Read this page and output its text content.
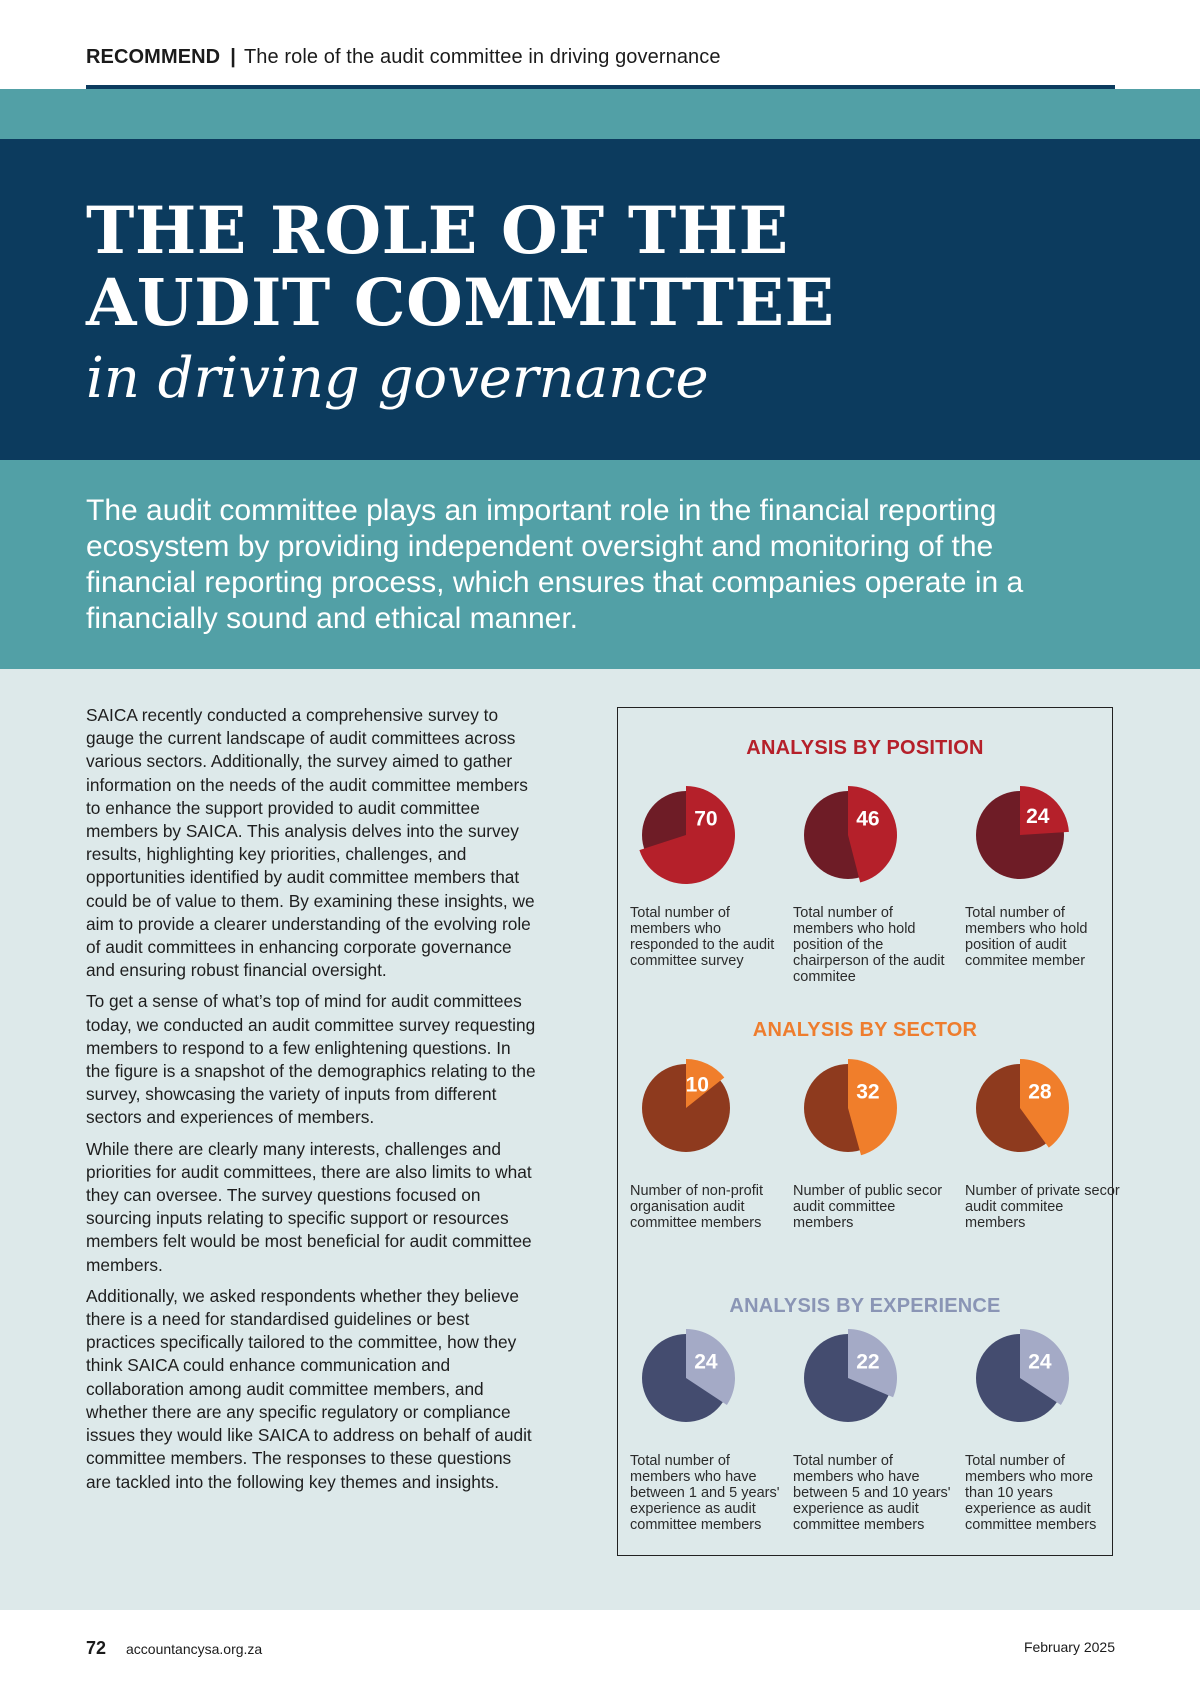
RECOMMEND | The role of the audit committee in driving governance
THE ROLE OF THE
AUDIT COMMITTEE
in driving governance

The audit committee plays an important role in the financial reporting ecosystem by providing independent oversight and monitoring of the financial reporting process, which ensures that companies operate in a financially sound and ethical manner.

SAICA recently conducted a comprehensive survey to gauge the current landscape of audit committees across various sectors. Additionally, the survey aimed to gather information on the needs of the audit committee members to enhance the support provided to audit committee members by SAICA. This analysis delves into the survey results, highlighting key priorities, challenges, and opportunities identified by audit committee members that could be of value to them. By examining these insights, we aim to provide a clearer understanding of the evolving role of audit committees in enhancing corporate governance and ensuring robust financial oversight.

To get a sense of what’s top of mind for audit committees today, we conducted an audit committee survey requesting members to respond to a few enlightening questions. In the figure is a snapshot of the demographics relating to the survey, showcasing the variety of inputs from different sectors and experiences of members.

While there are clearly many interests, challenges and priorities for audit committees, there are also limits to what they can oversee. The survey questions focused on sourcing inputs relating to specific support or resources members felt would be most beneficial for audit committee members.

Additionally, we asked respondents whether they believe there is a need for standardised guidelines or best practices specifically tailored to the committee, how they think SAICA could enhance communication and collaboration among audit committee members, and whether there are any specific regulatory or compliance issues they would like SAICA to address on behalf of audit committee members. The responses to these questions are tackled into the following key themes and insights.

ANALYSIS BY POSITION
70
Total number of members who responded to the audit committee survey
46
Total number of members who hold position of the chairperson of the audit commitee
24
Total number of members who hold position of audit commitee member
ANALYSIS BY SECTOR
10
Number of non-profit organisation audit committee members
32
Number of public secor audit committee members
28
Number of private secor audit commitee members
ANALYSIS BY EXPERIENCE
24
Total number of members who have between 1 and 5 years' experience as audit committee members
22
Total number of members who have between 5 and 10 years' experience as audit committee members
24
Total number of members who more than 10 years experience as audit committee members
72 accountancysa.org.za	February 2025
